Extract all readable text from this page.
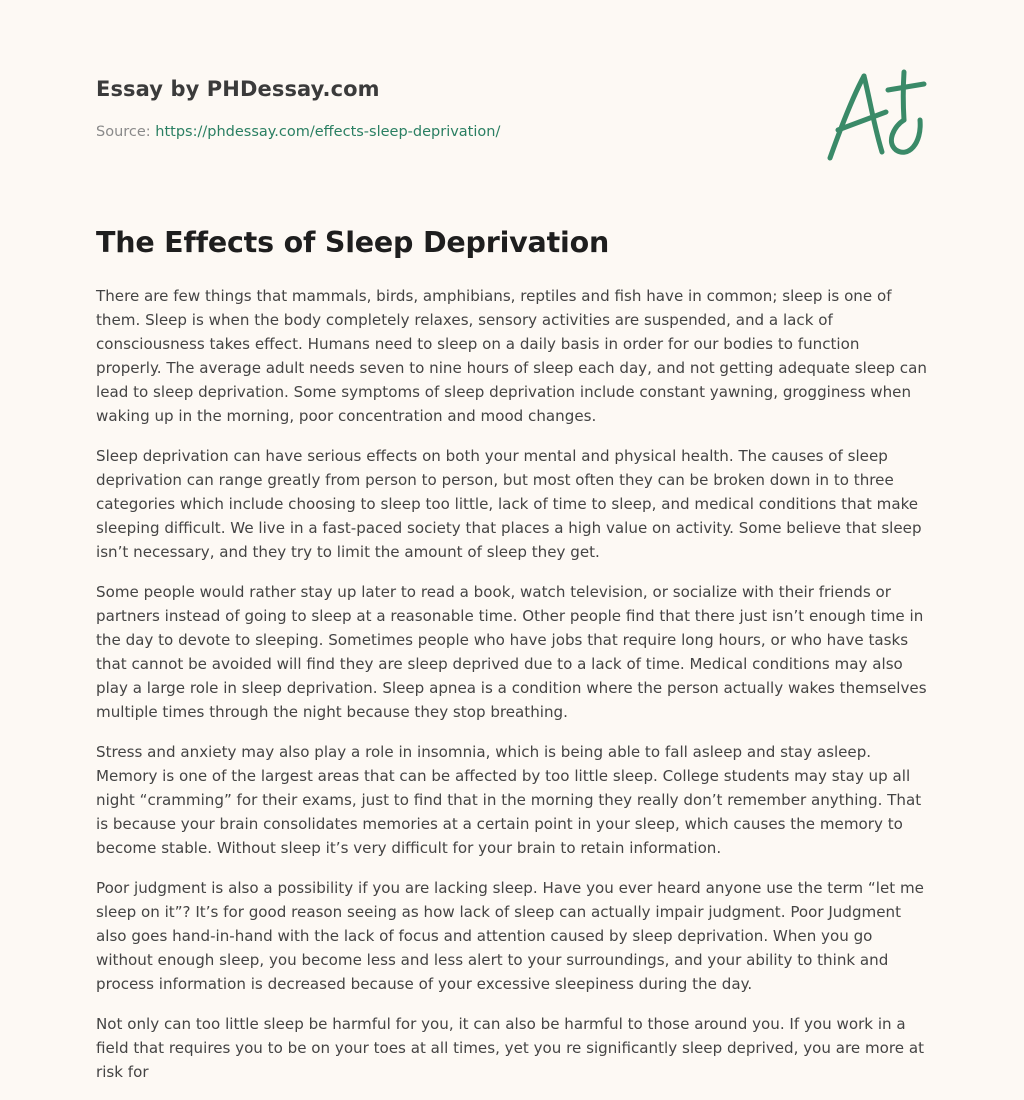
Essay by PHDessay.com
Source: https://phdessay.com/effects-sleep-deprivation/
The Effects of Sleep Deprivation

There are few things that mammals, birds, amphibians, reptiles and fish have in common; sleep is one of them. Sleep is when the body completely relaxes, sensory activities are suspended, and a lack of consciousness takes effect. Humans need to sleep on a daily basis in order for our bodies to function properly. The average adult needs seven to nine hours of sleep each day, and not getting adequate sleep can lead to sleep deprivation. Some symptoms of sleep deprivation include constant yawning, grogginess when waking up in the morning, poor concentration and mood changes.

Sleep deprivation can have serious effects on both your mental and physical health. The causes of sleep deprivation can range greatly from person to person, but most often they can be broken down in to three categories which include choosing to sleep too little, lack of time to sleep, and medical conditions that make sleeping difficult. We live in a fast-paced society that places a high value on activity. Some believe that sleep isn’t necessary, and they try to limit the amount of sleep they get.

Some people would rather stay up later to read a book, watch television, or socialize with their friends or partners instead of going to sleep at a reasonable time. Other people find that there just isn’t enough time in the day to devote to sleeping. Sometimes people who have jobs that require long hours, or who have tasks that cannot be avoided will find they are sleep deprived due to a lack of time. Medical conditions may also play a large role in sleep deprivation. Sleep apnea is a condition where the person actually wakes themselves multiple times through the night because they stop breathing.

Stress and anxiety may also play a role in insomnia, which is being able to fall asleep and stay asleep. Memory is one of the largest areas that can be affected by too little sleep. College students may stay up all night “cramming” for their exams, just to find that in the morning they really don’t remember anything. That is because your brain consolidates memories at a certain point in your sleep, which causes the memory to become stable. Without sleep it’s very difficult for your brain to retain information.

Poor judgment is also a possibility if you are lacking sleep. Have you ever heard anyone use the term “let me sleep on it”? It’s for good reason seeing as how lack of sleep can actually impair judgment. Poor Judgment also goes hand-in-hand with the lack of focus and attention caused by sleep deprivation. When you go without enough sleep, you become less and less alert to your surroundings, and your ability to think and process information is decreased because of your excessive sleepiness during the day.

Not only can too little sleep be harmful for you, it can also be harmful to those around you. If you work in a field that requires you to be on your toes at all times, yet you re significantly sleep deprived, you are more at risk for
